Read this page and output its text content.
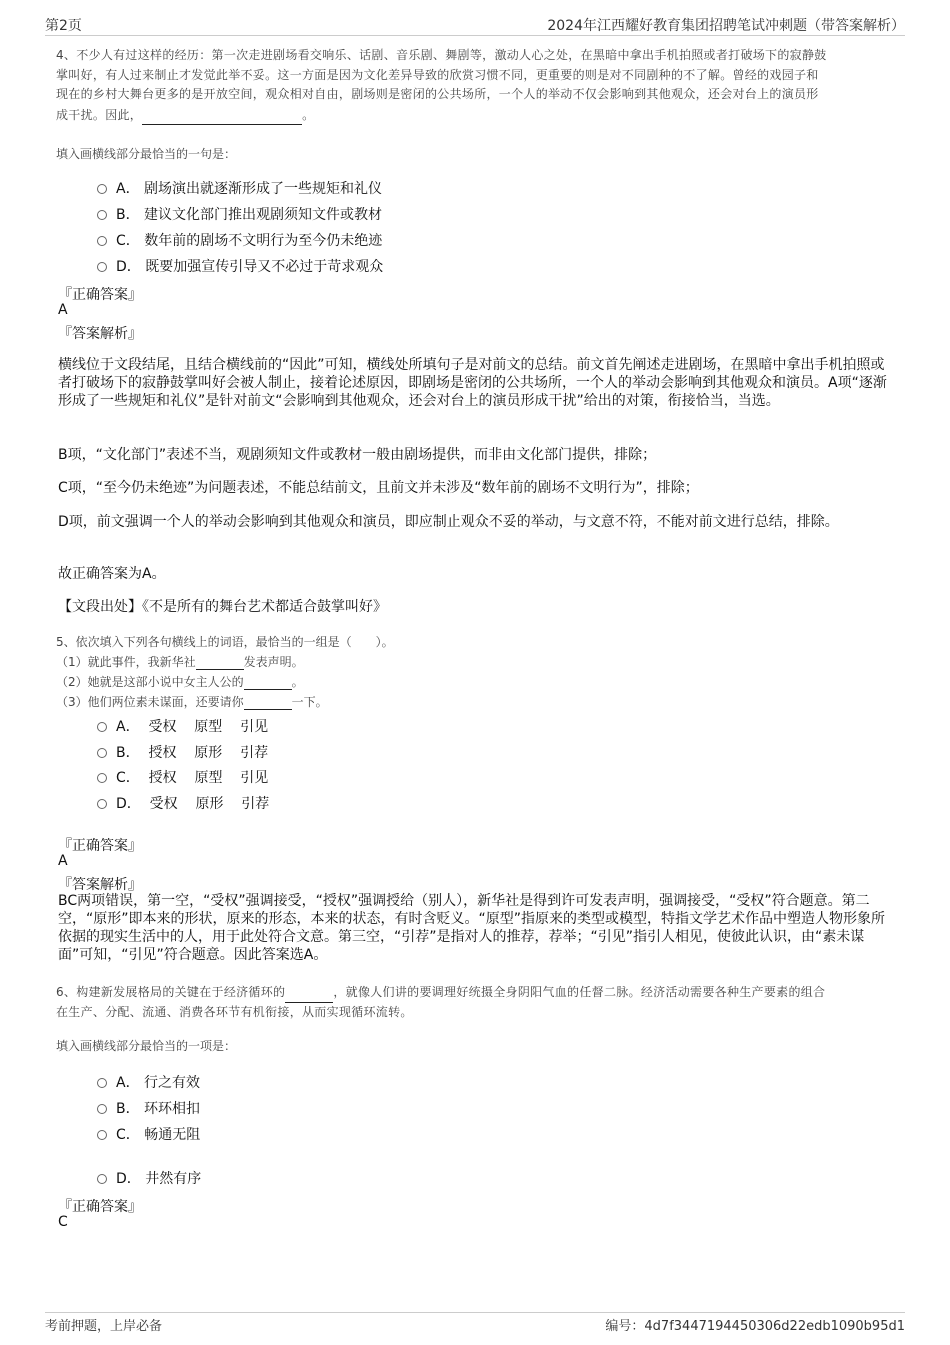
第2页	2024年江西耀好教育集团招聘笔试冲刺题（带答案解析）
4、不少人有过这样的经历：第一次走进剧场看交响乐、话剧、音乐剧、舞剧等，激动人心之处，在黑暗中拿出手机拍照或者打破场下的寂静鼓
掌叫好，有人过来制止才发觉此举不妥。这一方面是因为文化差异导致的欣赏习惯不同，更重要的则是对不同剧种的不了解。曾经的戏园子和
现在的乡村大舞台更多的是开放空间，观众相对自由，剧场则是密闭的公共场所，一个人的举动不仅会影响到其他观众，还会对台上的演员形
成干扰。因此，	。
填入画横线部分最恰当的一句是：
A． 剧场演出就逐渐形成了一些规矩和礼仪
B． 建议文化部门推出观剧须知文件或教材
C． 数年前的剧场不文明行为至今仍未绝迹
D． 既要加强宣传引导又不必过于苛求观众
『正确答案』
A
『答案解析』
横线位于文段结尾，且结合横线前的“因此”可知，横线处所填句子是对前文的总结。前文首先阐述走进剧场，在黑暗中拿出手机拍照或者打破场下的寂静鼓掌叫好会被人制止，接着论述原因，即剧场是密闭的公共场所，一个人的举动会影响到其他观众和演员。A项“逐渐形成了一些规矩和礼仪”是针对前文“会影响到其他观众，还会对台上的演员形成干扰”给出的对策，衔接恰当，当选。
B项，“文化部门”表述不当，观剧须知文件或教材一般由剧场提供，而非由文化部门提供，排除；
C项，“至今仍未绝迹”为问题表述，不能总结前文，且前文并未涉及“数年前的剧场不文明行为”，排除；
D项，前文强调一个人的举动会影响到其他观众和演员，即应制止观众不妥的举动，与文意不符，不能对前文进行总结，排除。
故正确答案为A。
【文段出处】《不是所有的舞台艺术都适合鼓掌叫好》
5、依次填入下列各句横线上的词语，最恰当的一组是（　　）。
（1）就此事件，我新华社	发表声明。
（2）她就是这部小说中女主人公的	。
（3）他们两位素未谋面，还要请你	一下。
A．  受权    原型    引见
B．  授权    原形    引荐
C．  授权    原型    引见
D．  受权    原形    引荐
『正确答案』
A
『答案解析』
BC两项错误，第一空，“受权”强调接受，“授权”强调授给（别人），新华社是得到许可发表声明，强调接受，“受权”符合题意。第二空，“原形”即本来的形状，原来的形态，本来的状态，有时含贬义。“原型”指原来的类型或模型，特指文学艺术作品中塑造人物形象所依据的现实生活中的人，用于此处符合文意。第三空，“引荐”是指对人的推荐，荐举；“引见”指引人相见，使彼此认识，由“素未谋面”可知，“引见”符合题意。因此答案选A。
6、构建新发展格局的关键在于经济循环的	，就像人们讲的要调理好统摄全身阴阳气血的任督二脉。经济活动需要各种生产要素的组合
在生产、分配、流通、消费各环节有机衔接，从而实现循环流转。
填入画横线部分最恰当的一项是：
A． 行之有效
B． 环环相扣
C． 畅通无阻
D． 井然有序
『正确答案』
C
考前押题，上岸必备	编号：4d7f3447194450306d22edb1090b95d1
